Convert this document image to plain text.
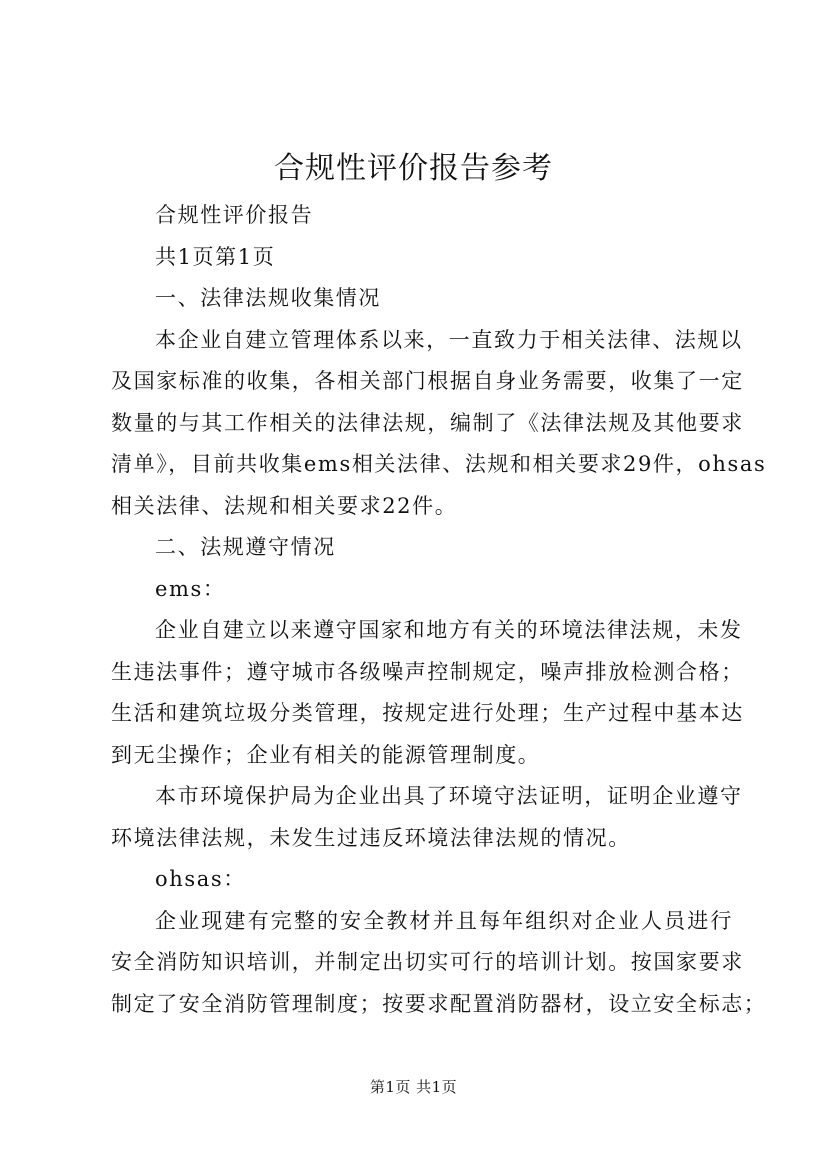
合规性评价报告参考
合规性评价报告
共1页第1页
一、法律法规收集情况
本企业自建立管理体系以来，一直致力于相关法律、法规以
及国家标准的收集，各相关部门根据自身业务需要，收集了一定
数量的与其工作相关的法律法规，编制了《法律法规及其他要求
清单》，目前共收集ems相关法律、法规和相关要求29件，ohsas
相关法律、法规和相关要求22件。
二、法规遵守情况
ems：
企业自建立以来遵守国家和地方有关的环境法律法规，未发
生违法事件；遵守城市各级噪声控制规定，噪声排放检测合格；
生活和建筑垃圾分类管理，按规定进行处理；生产过程中基本达
到无尘操作；企业有相关的能源管理制度。
本市环境保护局为企业出具了环境守法证明，证明企业遵守
环境法律法规，未发生过违反环境法律法规的情况。
ohsas：
企业现建有完整的安全教材并且每年组织对企业人员进行
安全消防知识培训，并制定出切实可行的培训计划。按国家要求
制定了安全消防管理制度；按要求配置消防器材，设立安全标志；
第1页 共1页
